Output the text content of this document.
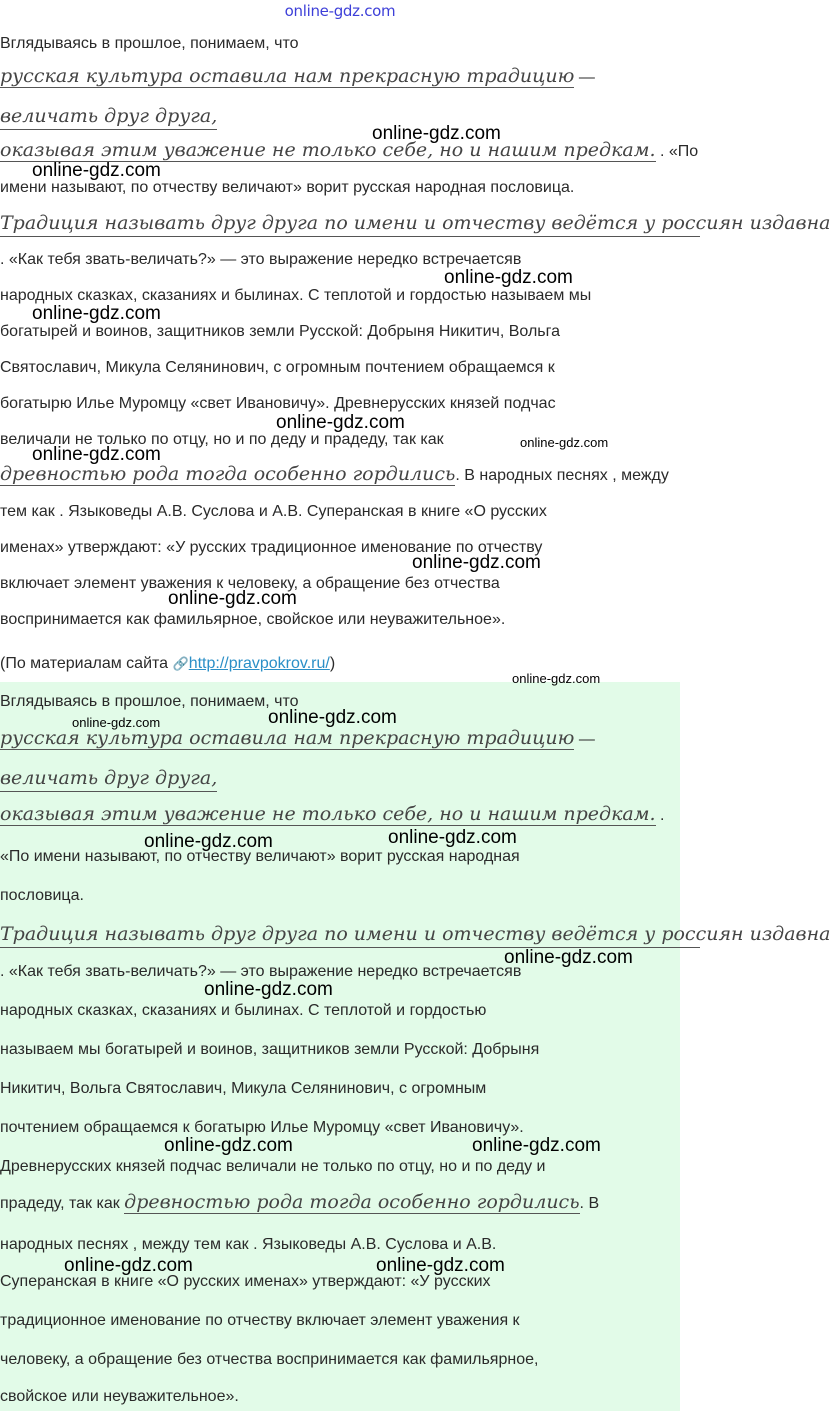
online-gdz.com
Вглядываясь в прошлое, понимаем, что
русская культура оставила нам прекрасную традицию —
величать друг друга,
оказывая этим уважение не только себе, но и нашим предкам. . «По
имени называют, по отчеству величают» ворит русская народная пословица.
Традиция называть друг друга по имени и отчеству ведётся у россиян издавна
. «Как тебя звать-величать?» — это выражение нередко встречаетсяв
народных сказках, сказаниях и былинах. С теплотой и гордостью называем мы
богатырей и воинов, защитников земли Русской: Добрыня Никитич, Вольга
Святославич, Микула Селянинович, с огромным почтением обращаемся к
богатырю Илье Муромцу «свет Ивановичу». Древнерусских князей подчас
величали не только по отцу, но и по деду и прадеду, так как
древностью рода тогда особенно гордились. В народных песнях , между
тем как . Языковеды А.В. Суслова и А.В. Суперанская в книге «О русских
именах» утверждают: «У русских традиционное именование по отчеству
включает элемент уважения к человеку, а обращение без отчества
воспринимается как фамильярное, свойское или неуважительное».
(По материалам сайта 🔗http://pravpokrov.ru/)
Вглядываясь в прошлое, понимаем, что
русская культура оставила нам прекрасную традицию —
величать друг друга,
оказывая этим уважение не только себе, но и нашим предкам. .
«По имени называют, по отчеству величают» ворит русская народная
пословица.
Традиция называть друг друга по имени и отчеству ведётся у россиян издавна
. «Как тебя звать-величать?» — это выражение нередко встречаетсяв
народных сказках, сказаниях и былинах. С теплотой и гордостью
называем мы богатырей и воинов, защитников земли Русской: Добрыня
Никитич, Вольга Святославич, Микула Селянинович, с огромным
почтением обращаемся к богатырю Илье Муромцу «свет Ивановичу».
Древнерусских князей подчас величали не только по отцу, но и по деду и
прадеду, так как древностью рода тогда особенно гордились. В
народных песнях , между тем как . Языковеды А.В. Суслова и А.В.
Суперанская в книге «О русских именах» утверждают: «У русских
традиционное именование по отчеству включает элемент уважения к
человеку, а обращение без отчества воспринимается как фамильярное,
свойское или неуважительное».
online-gdz.com
online-gdz.com
online-gdz.com
online-gdz.com
online-gdz.com
online-gdz.com
online-gdz.com
online-gdz.com
online-gdz.com
online-gdz.com
online-gdz.com
online-gdz.com
online-gdz.com	online-gdz.com
online-gdz.com
online-gdz.com
online-gdz.com	online-gdz.com
online-gdz.com	online-gdz.com
